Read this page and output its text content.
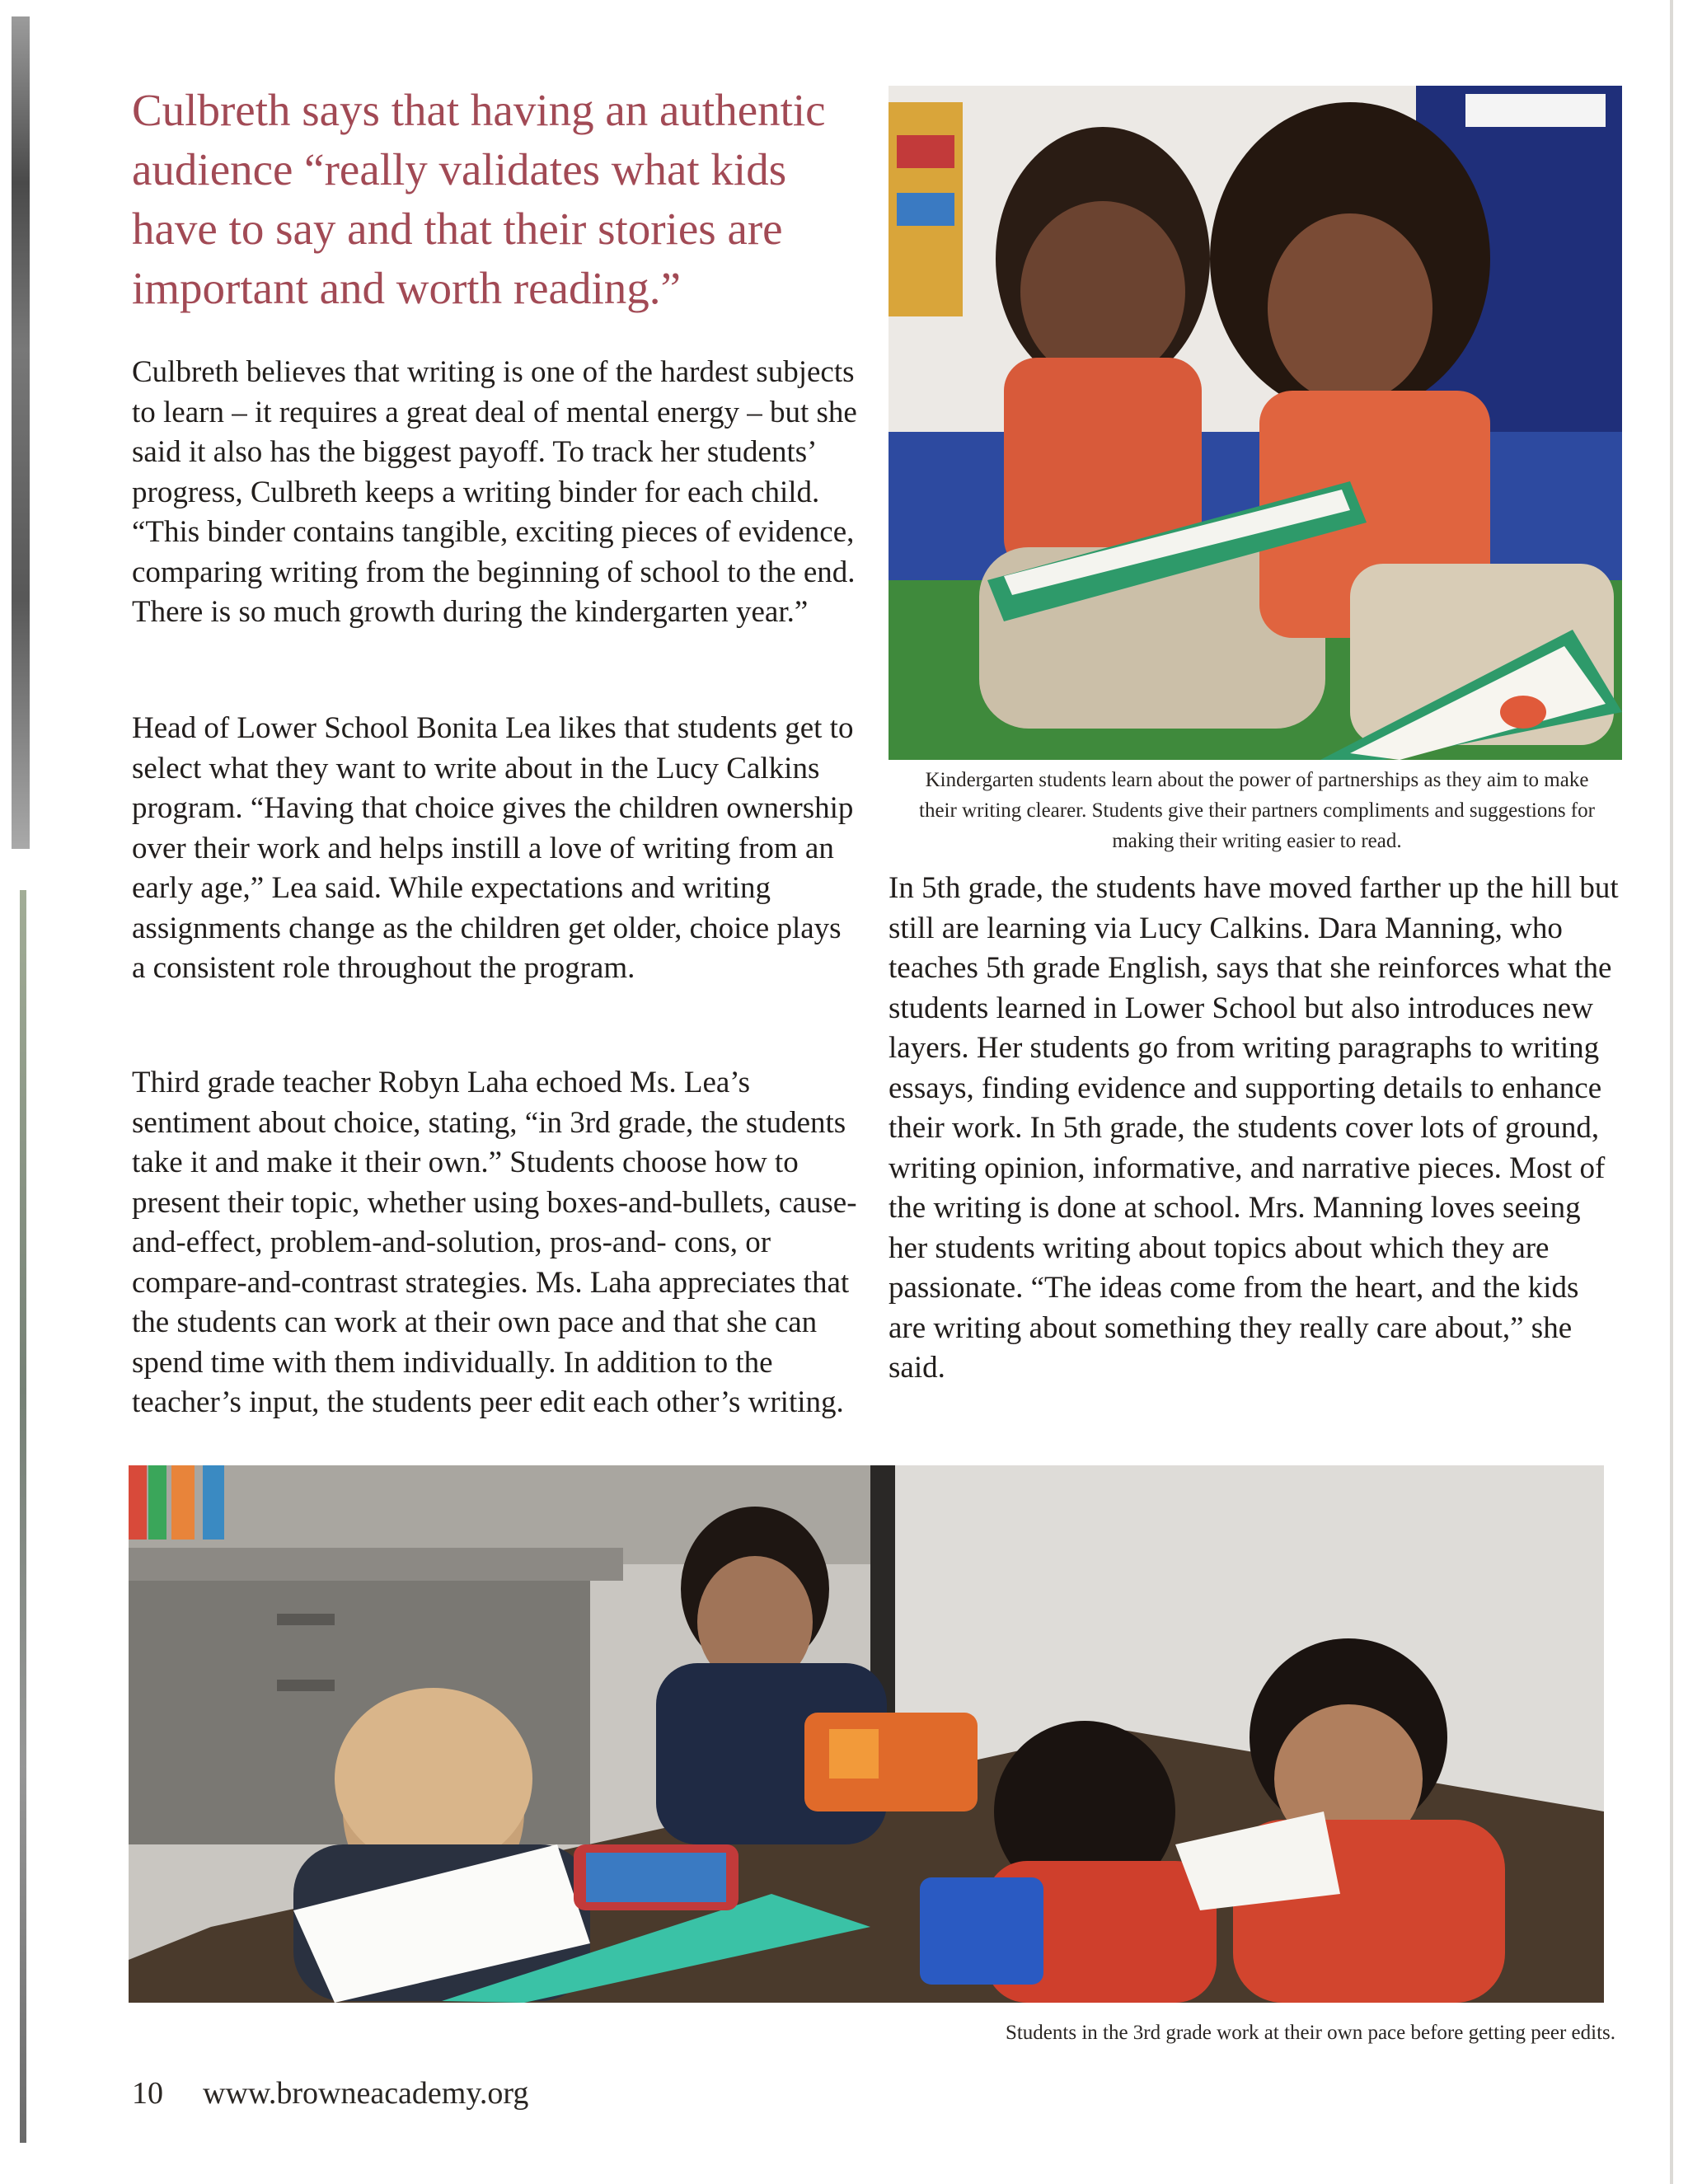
Culbreth says that having an authentic audience “really validates what kids have to say and that their stories are important and worth reading.”

Culbreth believes that writing is one of the hardest subjects to learn – it requires a great deal of mental energy – but she said it also has the biggest payoff. To track her students’ progress, Culbreth keeps a writing binder for each child. “This binder contains tangible, exciting pieces of evidence, comparing writing from the beginning of school to the end. There is so much growth during the kindergarten year.”

Head of Lower School Bonita Lea likes that students get to select what they want to write about in the Lucy Calkins program. “Having that choice gives the children ownership over their work and helps instill a love of writing from an early age,” Lea said. While expectations and writing assignments change as the children get older, choice plays a consistent role throughout the program.

Third grade teacher Robyn Laha echoed Ms. Lea’s sentiment about choice, stating, “in 3rd grade, the students take it and make it their own.” Students choose how to present their topic, whether using boxes-and-bullets, cause-and-effect, problem-and-solution, pros-and- cons, or compare-and-contrast strategies. Ms. Laha appreciates that the students can work at their own pace and that she can spend time with them individually. In addition to the teacher’s input, the students peer edit each other’s writing.

Kindergarten students learn about the power of partnerships as they aim to make their writing clearer. Students give their partners compliments and suggestions for making their writing easier to read.

In 5th grade, the students have moved farther up the hill but still are learning via Lucy Calkins. Dara Manning, who teaches 5th grade English, says that she reinforces what the students learned in Lower School but also introduces new layers. Her students go from writing paragraphs to writing essays, finding evidence and supporting details to enhance their work. In 5th grade, the students cover lots of ground, writing opinion, informative, and narrative pieces. Most of the writing is done at school. Mrs. Manning loves seeing her students writing about topics about which they are passionate. “The ideas come from the heart, and the kids are writing about something they really care about,” she said.

Students in the 3rd grade work at their own pace before getting peer edits.

10 www.browneacademy.org
